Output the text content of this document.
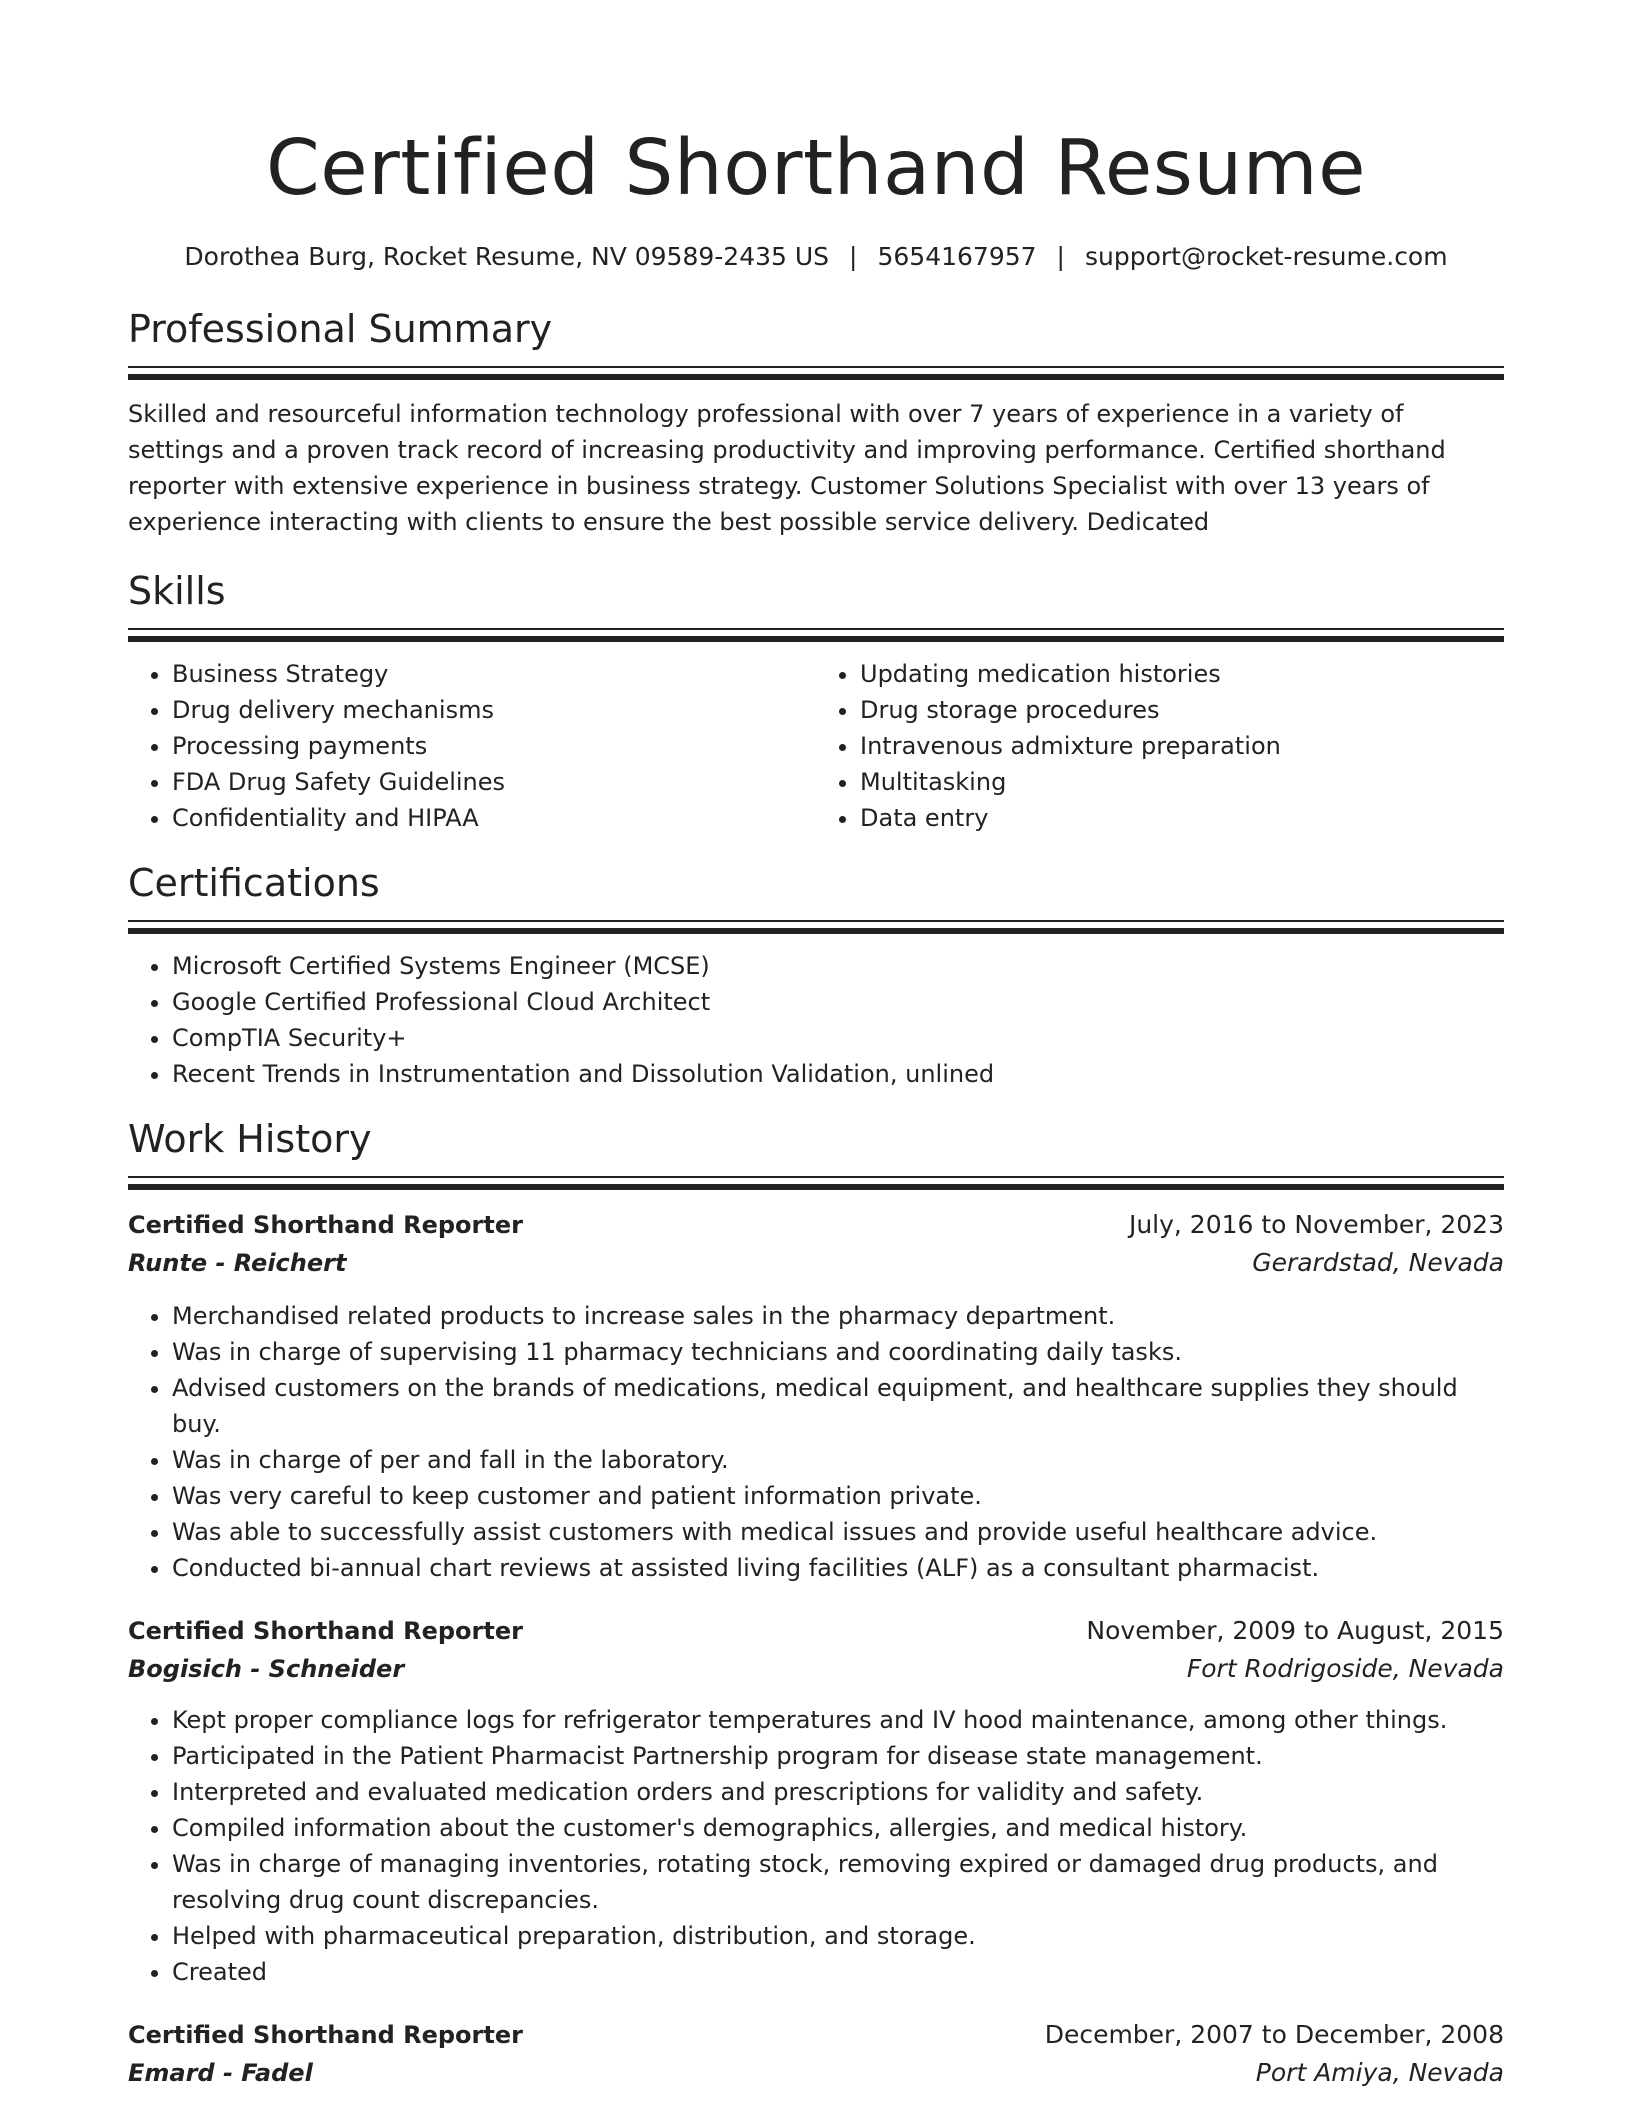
Certified Shorthand Resume
Dorothea Burg, Rocket Resume, NV 09589-2435 US | 5654167957 | support@rocket-resume.com
Professional Summary

Skilled and resourceful information technology professional with over 7 years of experience in a variety of settings and a proven track record of increasing productivity and improving performance. Certified shorthand reporter with extensive experience in business strategy. Customer Solutions Specialist with over 13 years of experience interacting with clients to ensure the best possible service delivery. Dedicated

Skills
• Business Strategy
• Drug delivery mechanisms
• Processing payments
• FDA Drug Safety Guidelines
• Confidentiality and HIPAA
• Updating medication histories
• Drug storage procedures
• Intravenous admixture preparation
• Multitasking
• Data entry
Certifications
• Microsoft Certified Systems Engineer (MCSE)
• Google Certified Professional Cloud Architect
• CompTIA Security+
• Recent Trends in Instrumentation and Dissolution Validation, unlined
Work History
Certified Shorthand Reporter	July, 2016 to November, 2023
Runte - Reichert	Gerardstad, Nevada
• Merchandised related products to increase sales in the pharmacy department.
• Was in charge of supervising 11 pharmacy technicians and coordinating daily tasks.
• Advised customers on the brands of medications, medical equipment, and healthcare supplies they should buy.
• Was in charge of per and fall in the laboratory.
• Was very careful to keep customer and patient information private.
• Was able to successfully assist customers with medical issues and provide useful healthcare advice.
• Conducted bi-annual chart reviews at assisted living facilities (ALF) as a consultant pharmacist.
Certified Shorthand Reporter	November, 2009 to August, 2015
Bogisich - Schneider	Fort Rodrigoside, Nevada
• Kept proper compliance logs for refrigerator temperatures and IV hood maintenance, among other things.
• Participated in the Patient Pharmacist Partnership program for disease state management.
• Interpreted and evaluated medication orders and prescriptions for validity and safety.
• Compiled information about the customer's demographics, allergies, and medical history.
• Was in charge of managing inventories, rotating stock, removing expired or damaged drug products, and resolving drug count discrepancies.
• Helped with pharmaceutical preparation, distribution, and storage.
• Created
Certified Shorthand Reporter	December, 2007 to December, 2008
Emard - Fadel	Port Amiya, Nevada
